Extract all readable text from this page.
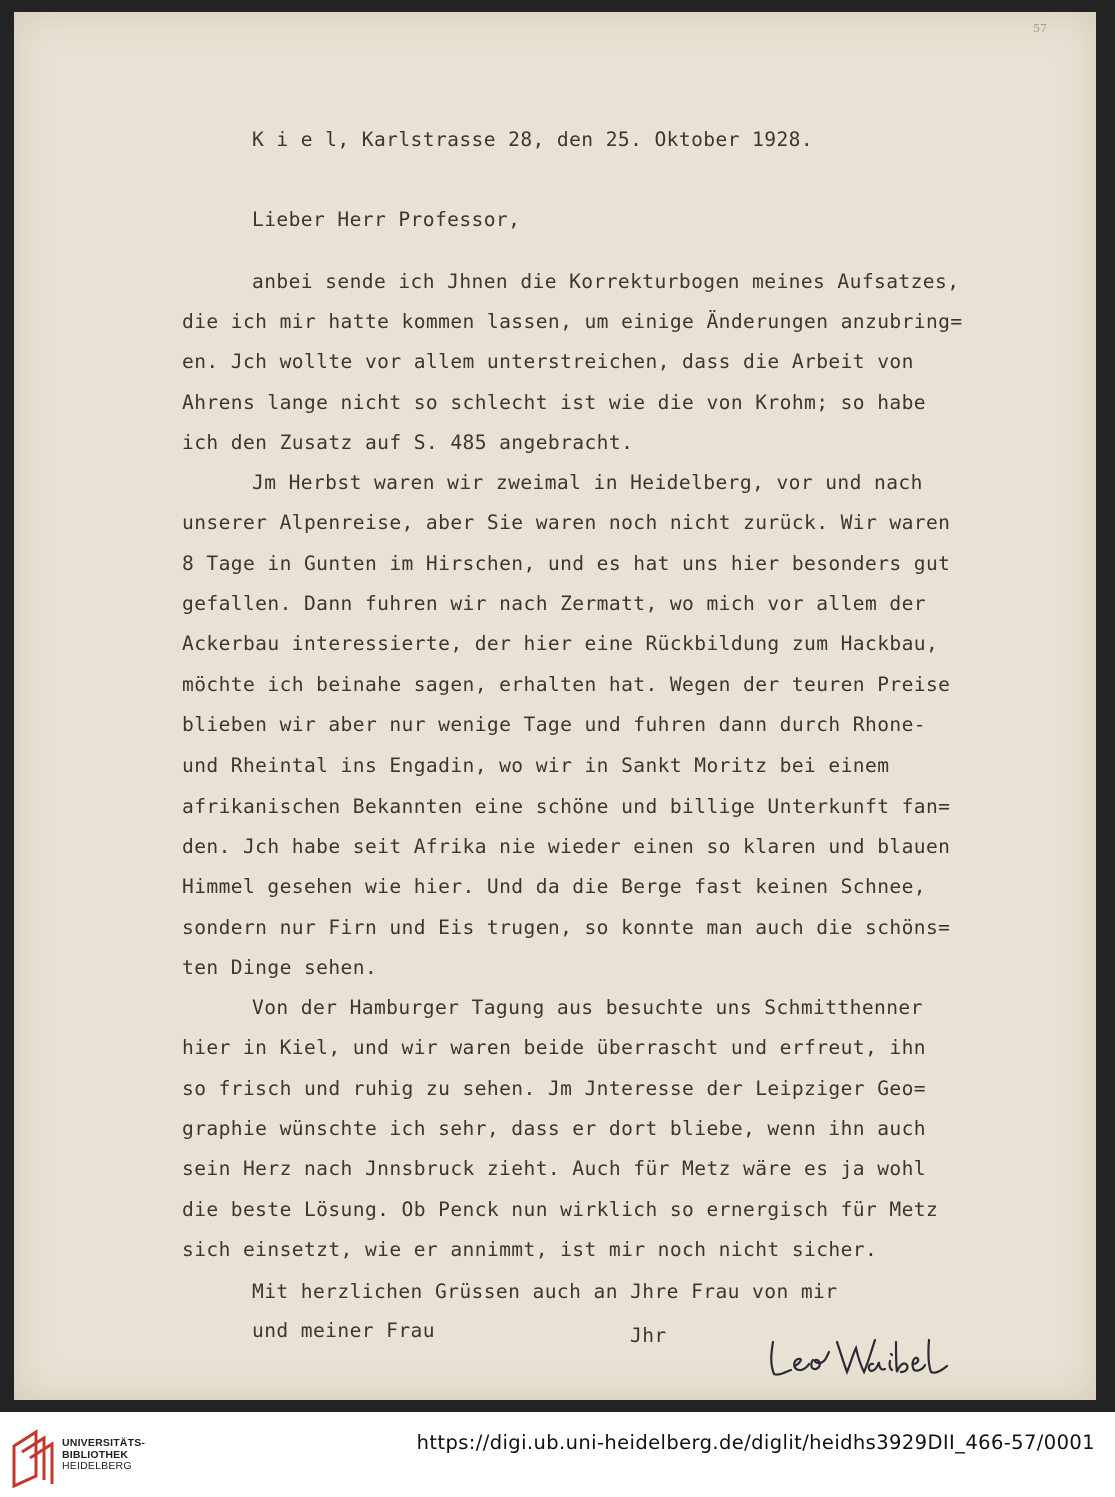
57
K i e l, Karlstrasse 28, den 25. Oktober 1928.
Lieber Herr Professor,
anbei sende ich Jhnen die Korrekturbogen meines Aufsatzes,
die ich mir hatte kommen lassen, um einige Änderungen anzubring=
en. Jch wollte vor allem unterstreichen, dass die Arbeit von
Ahrens lange nicht so schlecht ist wie die von Krohm; so habe
ich den Zusatz auf S. 485 angebracht.
Jm Herbst waren wir zweimal in Heidelberg, vor und nach
unserer Alpenreise, aber Sie waren noch nicht zurück. Wir waren
8 Tage in Gunten im Hirschen, und es hat uns hier besonders gut
gefallen. Dann fuhren wir nach Zermatt, wo mich vor allem der
Ackerbau interessierte, der hier eine Rückbildung zum Hackbau,
möchte ich beinahe sagen, erhalten hat. Wegen der teuren Preise
blieben wir aber nur wenige Tage und fuhren dann durch Rhone-
und Rheintal ins Engadin, wo wir in Sankt Moritz bei einem
afrikanischen Bekannten eine schöne und billige Unterkunft fan=
den. Jch habe seit Afrika nie wieder einen so klaren und blauen
Himmel gesehen wie hier. Und da die Berge fast keinen Schnee,
sondern nur Firn und Eis trugen, so konnte man auch die schöns=
ten Dinge sehen.
Von der Hamburger Tagung aus besuchte uns Schmitthenner
hier in Kiel, und wir waren beide überrascht und erfreut, ihn
so frisch und ruhig zu sehen. Jm Jnteresse der Leipziger Geo=
graphie wünschte ich sehr, dass er dort bliebe, wenn ihn auch
sein Herz nach Jnnsbruck zieht. Auch für Metz wäre es ja wohl
die beste Lösung. Ob Penck nun wirklich so ernergisch für Metz
sich einsetzt, wie er annimmt, ist mir noch nicht sicher.
Mit herzlichen Grüssen auch an Jhre Frau von mir
und meiner Frau	Jhr
UNIVERSITÄTS-
BIBLIOTHEK
HEIDELBERG
https://digi.ub.uni-heidelberg.de/diglit/heidhs3929DII_466-57/0001
